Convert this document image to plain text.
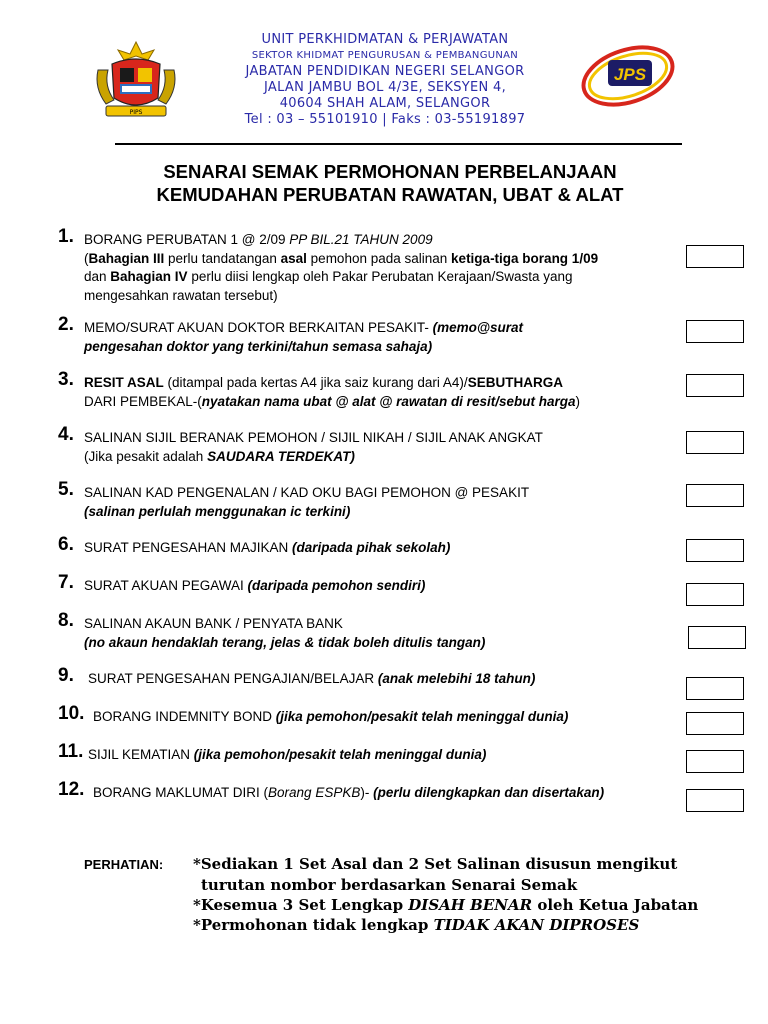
PIPS
JPS
UNIT PERKHIDMATAN & PERJAWATAN
SEKTOR KHIDMAT PENGURUSAN & PEMBANGUNAN
JABATAN PENDIDIKAN NEGERI SELANGOR
JALAN JAMBU BOL 4/3E, SEKSYEN 4,
40604 SHAH ALAM, SELANGOR
Tel : 03 – 55101910 | Faks : 03-55191897
SENARAI SEMAK PERMOHONAN PERBELANJAAN
KEMUDAHAN PERUBATAN RAWATAN, UBAT & ALAT
1. BORANG PERUBATAN 1 @ 2/09 PP BIL.21 TAHUN 2009
(Bahagian III perlu tandatangan asal pemohon pada salinan ketiga-tiga borang 1/09
dan Bahagian IV perlu diisi lengkap oleh Pakar Perubatan Kerajaan/Swasta yang
mengesahkan rawatan tersebut)
2. MEMO/SURAT AKUAN DOKTOR BERKAITAN PESAKIT- (memo@surat
pengesahan doktor yang terkini/tahun semasa sahaja)
3. RESIT ASAL (ditampal pada kertas A4 jika saiz kurang dari A4)/SEBUTHARGA
DARI PEMBEKAL-(nyatakan nama ubat @ alat @ rawatan di resit/sebut harga)
4. SALINAN SIJIL BERANAK PEMOHON / SIJIL NIKAH / SIJIL ANAK ANGKAT
(Jika pesakit adalah SAUDARA TERDEKAT)
5. SALINAN KAD PENGENALAN / KAD OKU BAGI PEMOHON @ PESAKIT
(salinan perlulah menggunakan ic terkini)
6. SURAT PENGESAHAN MAJIKAN (daripada pihak sekolah)
7. SURAT AKUAN PEGAWAI (daripada pemohon sendiri)
8. SALINAN AKAUN BANK / PENYATA BANK
(no akaun hendaklah terang, jelas & tidak boleh ditulis tangan)
9. SURAT PENGESAHAN PENGAJIAN/BELAJAR (anak melebihi 18 tahun)
10. BORANG INDEMNITY BOND (jika pemohon/pesakit telah meninggal dunia)
11. SIJIL KEMATIAN (jika pemohon/pesakit telah meninggal dunia)
12. BORANG MAKLUMAT DIRI (Borang ESPKB)- (perlu dilengkapkan dan disertakan)
PERHATIAN: *Sediakan 1 Set Asal dan 2 Set Salinan disusun mengikut
turutan nombor berdasarkan Senarai Semak
*Kesemua 3 Set Lengkap DISAH BENAR oleh Ketua Jabatan
*Permohonan tidak lengkap TIDAK AKAN DIPROSES
